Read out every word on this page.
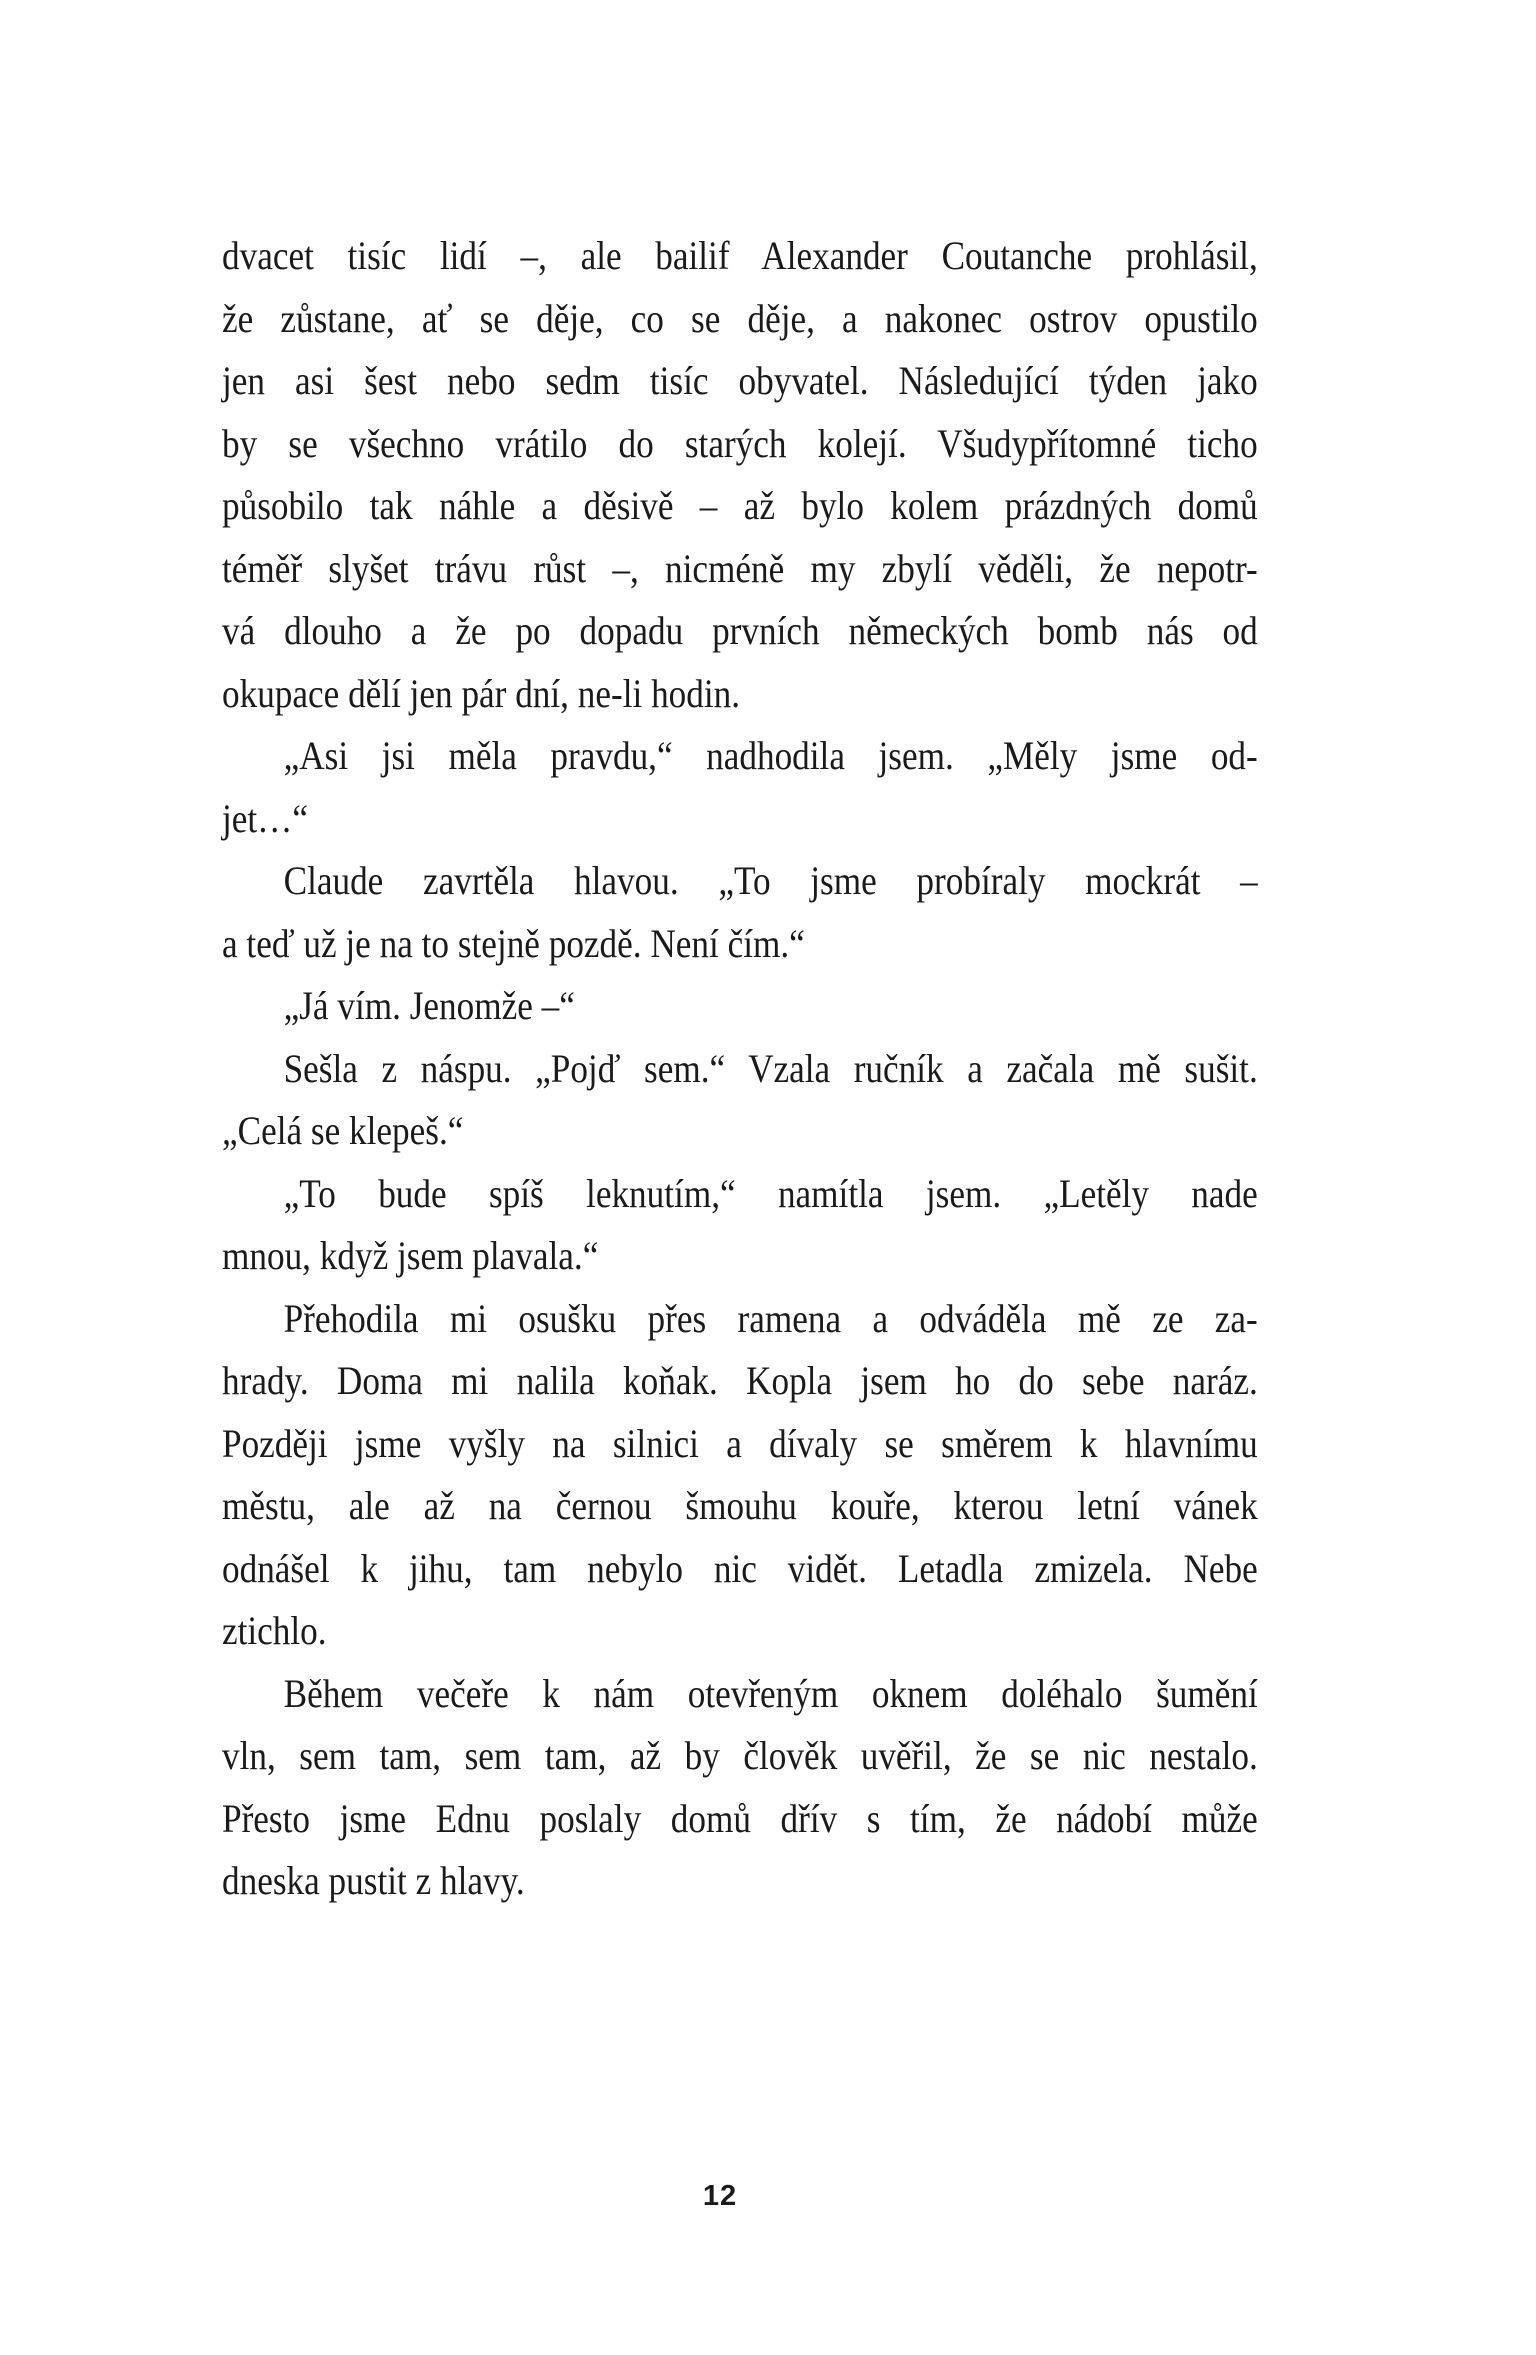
dvacet tisíc lidí –, ale bailif Alexander Coutanche prohlásil,
že zůstane, ať se děje, co se děje, a nakonec ostrov opustilo
jen asi šest nebo sedm tisíc obyvatel. Následující týden jako
by se všechno vrátilo do starých kolejí. Všudypřítomné ticho
působilo tak náhle a děsivě – až bylo kolem prázdných domů
téměř slyšet trávu růst –, nicméně my zbylí věděli, že nepotr-
vá dlouho a že po dopadu prvních německých bomb nás od
okupace dělí jen pár dní, ne-li hodin.
„Asi jsi měla pravdu,“ nadhodila jsem. „Měly jsme od-
jet…“
Claude zavrtěla hlavou. „To jsme probíraly mockrát –
a teď už je na to stejně pozdě. Není čím.“
„Já vím. Jenomže –“
Sešla z náspu. „Pojď sem.“ Vzala ručník a začala mě sušit.
„Celá se klepeš.“
„To bude spíš leknutím,“ namítla jsem. „Letěly nade
mnou, když jsem plavala.“
Přehodila mi osušku přes ramena a odváděla mě ze za-
hrady. Doma mi nalila koňak. Kopla jsem ho do sebe naráz.
Později jsme vyšly na silnici a dívaly se směrem k hlavnímu
městu, ale až na černou šmouhu kouře, kterou letní vánek
odnášel k jihu, tam nebylo nic vidět. Letadla zmizela. Nebe
ztichlo.
Během večeře k nám otevřeným oknem doléhalo šumění
vln, sem tam, sem tam, až by člověk uvěřil, že se nic nestalo.
Přesto jsme Ednu poslaly domů dřív s tím, že nádobí může
dneska pustit z hlavy.
12
